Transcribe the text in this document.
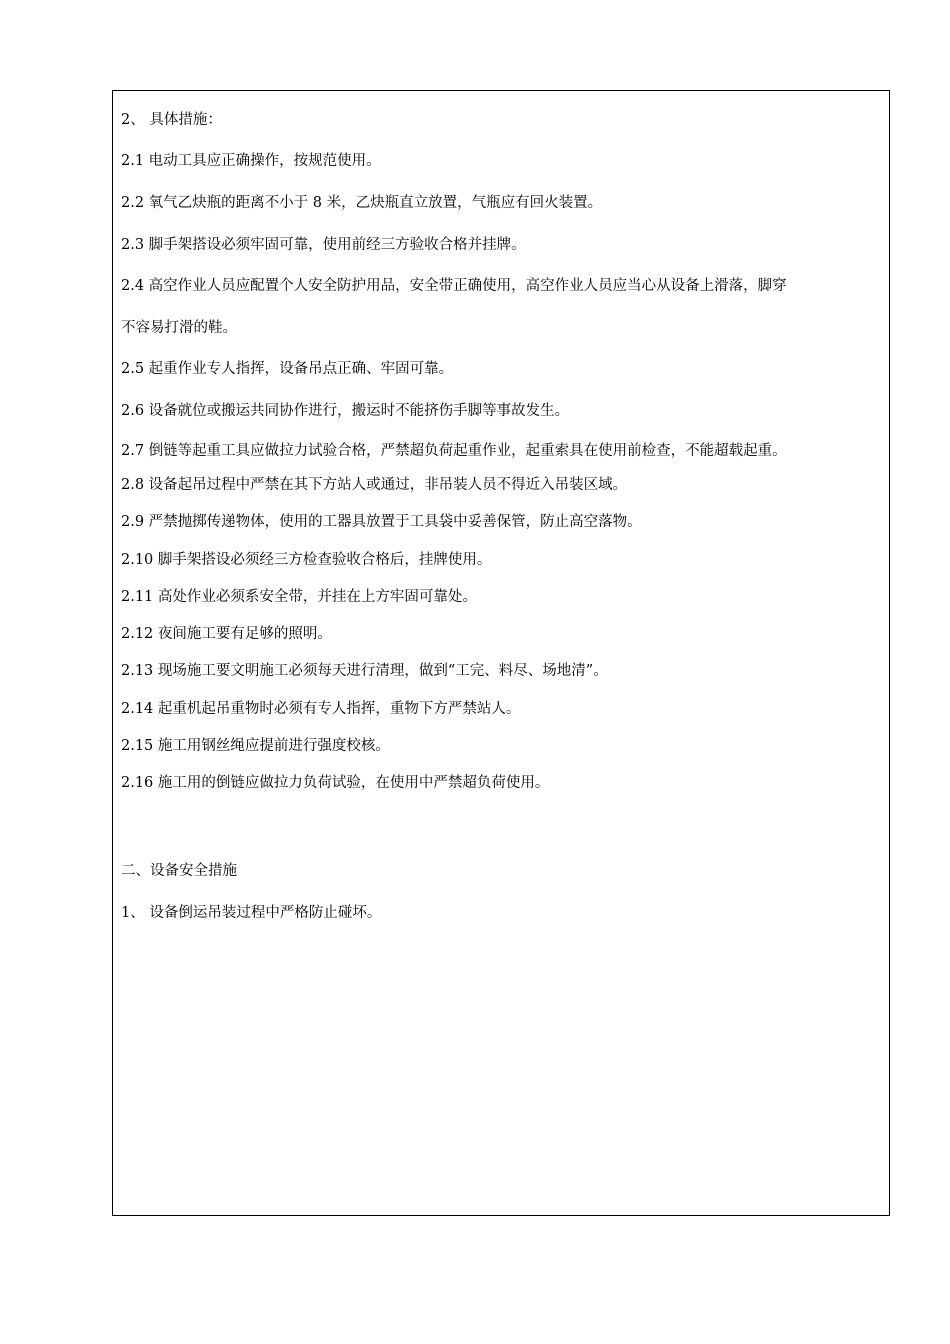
2、 具体措施：
2.1 电动工具应正确操作，按规范使用。
2.2 氧气乙炔瓶的距离不小于 8 米，乙炔瓶直立放置，气瓶应有回火装置。
2.3 脚手架搭设必须牢固可靠，使用前经三方验收合格并挂牌。
2.4 高空作业人员应配置个人安全防护用品，安全带正确使用，高空作业人员应当心从设备上滑落，脚穿
不容易打滑的鞋。
2.5 起重作业专人指挥，设备吊点正确、牢固可靠。
2.6 设备就位或搬运共同协作进行，搬运时不能挤伤手脚等事故发生。
2.7 倒链等起重工具应做拉力试验合格，严禁超负荷起重作业，起重索具在使用前检查，不能超载起重。
2.8 设备起吊过程中严禁在其下方站人或通过，非吊装人员不得近入吊装区域。
2.9 严禁抛掷传递物体，使用的工器具放置于工具袋中妥善保管，防止高空落物。
2.10 脚手架搭设必须经三方检查验收合格后，挂牌使用。
2.11 高处作业必须系安全带，并挂在上方牢固可靠处。
2.12 夜间施工要有足够的照明。
2.13 现场施工要文明施工必须每天进行清理，做到“工完、料尽、场地清”。
2.14 起重机起吊重物时必须有专人指挥，重物下方严禁站人。
2.15 施工用钢丝绳应提前进行强度校核。
2.16 施工用的倒链应做拉力负荷试验，在使用中严禁超负荷使用。
二、设备安全措施
1、 设备倒运吊装过程中严格防止碰坏。
